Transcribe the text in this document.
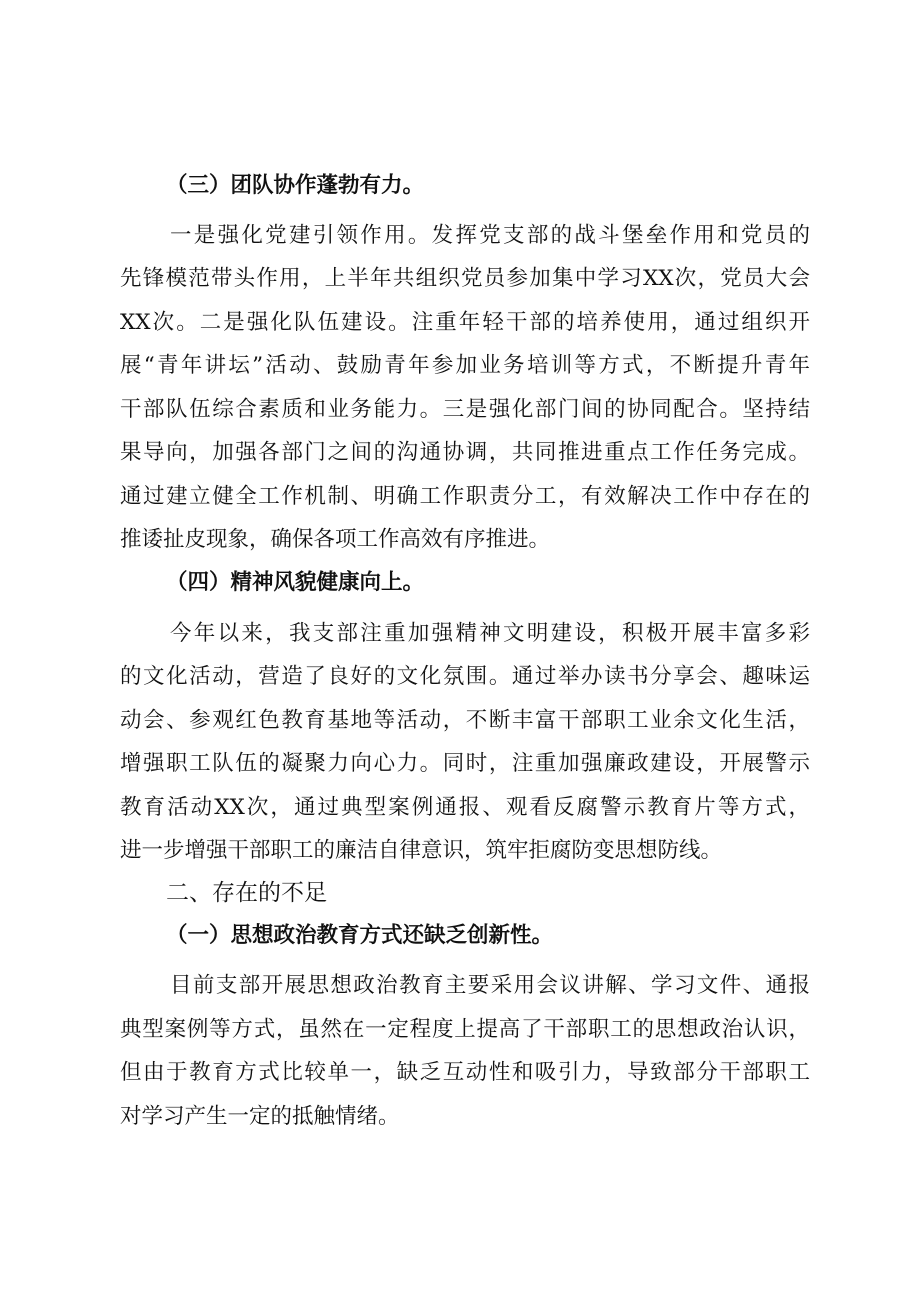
（三）团队协作蓬勃有力。
一是强化党建引领作用。发挥党支部的战斗堡垒作用和党员的
先锋模范带头作用，上半年共组织党员参加集中学习XX次，党员大会
XX次。二是强化队伍建设。注重年轻干部的培养使用，通过组织开
展“青年讲坛”活动、鼓励青年参加业务培训等方式，不断提升青年
干部队伍综合素质和业务能力。三是强化部门间的协同配合。坚持结
果导向，加强各部门之间的沟通协调，共同推进重点工作任务完成。
通过建立健全工作机制、明确工作职责分工，有效解决工作中存在的
推诿扯皮现象，确保各项工作高效有序推进。
（四）精神风貌健康向上。
今年以来，我支部注重加强精神文明建设，积极开展丰富多彩
的文化活动，营造了良好的文化氛围。通过举办读书分享会、趣味运
动会、参观红色教育基地等活动，不断丰富干部职工业余文化生活，
增强职工队伍的凝聚力向心力。同时，注重加强廉政建设，开展警示
教育活动XX次，通过典型案例通报、观看反腐警示教育片等方式，
进一步增强干部职工的廉洁自律意识，筑牢拒腐防变思想防线。
二、存在的不足
（一）思想政治教育方式还缺乏创新性。
目前支部开展思想政治教育主要采用会议讲解、学习文件、通报
典型案例等方式，虽然在一定程度上提高了干部职工的思想政治认识，
但由于教育方式比较单一，缺乏互动性和吸引力，导致部分干部职工
对学习产生一定的抵触情绪。
